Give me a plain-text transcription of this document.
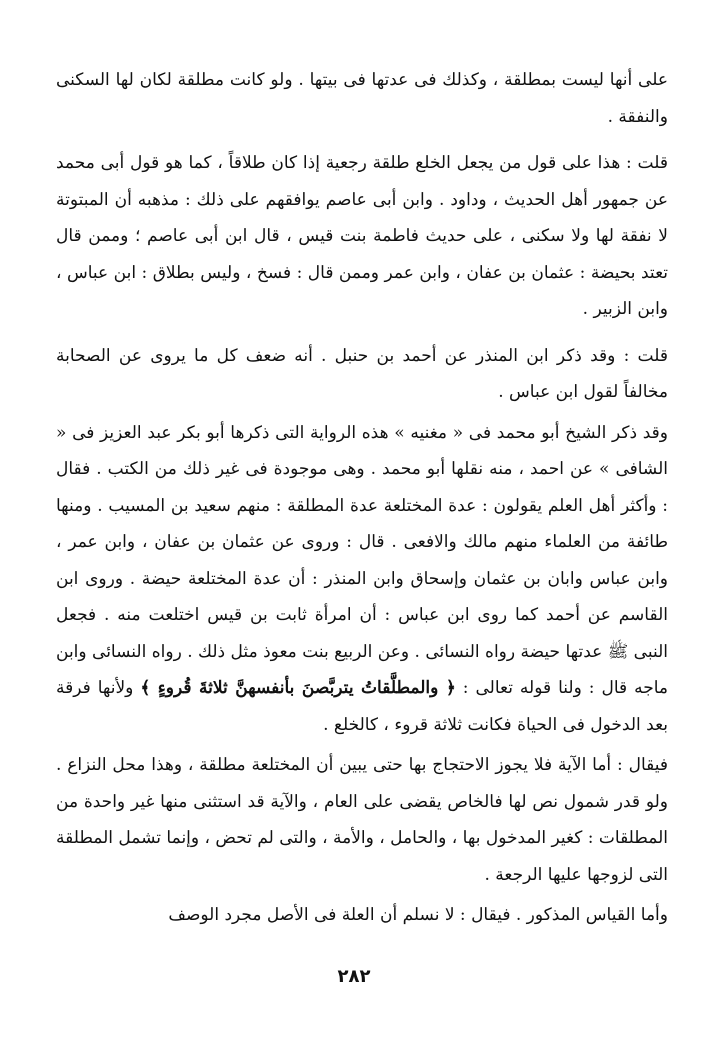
على أنها ليست بمطلقة ، وكذلك فى عدتها فى بيتها . ولو كانت مطلقة لكان لها السكنى والنفقة .

قلت : هذا على قول من يجعل الخلع طلقة رجعية إذا كان طلاقاً ، كما هو قول أبى محمد عن جمهور أهل الحديث ، وداود . وابن أبى عاصم يوافقهم على ذلك : مذهبه أن المبتوتة لا نفقة لها ولا سكنى ، على حديث فاطمة بنت قيس ، قال ابن أبى عاصم ؛ وممن قال تعتد بحيضة : عثمان بن عفان ، وابن عمر وممن قال : فسخ ، وليس بطلاق : ابن عباس ، وابن الزبير .

قلت : وقد ذكر ابن المنذر عن أحمد بن حنبل . أنه ضعف كل ما يروى عن الصحابة مخالفاً لقول ابن عباس .

وقد ذكر الشيخ أبو محمد فى « مغنيه » هذه الرواية التى ذكرها أبو بكر عبد العزيز فى « الشافى » عن احمد ، منه نقلها أبو محمد . وهى موجودة فى غير ذلك من الكتب . فقال : وأكثر أهل العلم يقولون : عدة المختلعة عدة المطلقة : منهم سعيد بن المسيب . ومنها طائفة من العلماء منهم مالك والافعى . قال : وروى عن عثمان بن عفان ، وابن عمر ، وابن عباس وابان بن عثمان وإسحاق وابن المنذر : أن عدة المختلعة حيضة . وروى ابن القاسم عن أحمد كما روى ابن عباس : أن امرأة ثابت بن قيس اختلعت منه . فجعل النبى ﷺ عدتها حيضة رواه النسائى . وعن الربيع بنت معوذ مثل ذلك . رواه النسائى وابن ماجه قال : ولنا قوله تعالى : ﴿ والمطلَّقاتُ يتربَّصنَ بأنفسهنَّ ثلاثةَ قُروءٍ ﴾ ولأنها فرقة بعد الدخول فى الحياة فكانت ثلاثة قروء ، كالخلع .

فيقال : أما الآية فلا يجوز الاحتجاج بها حتى يبين أن المختلعة مطلقة ، وهذا محل النزاع . ولو قدر شمول نص لها فالخاص يقضى على العام ، والآية قد استثنى منها غير واحدة من المطلقات : كغير المدخول بها ، والحامل ، والأمة ، والتى لم تحض ، وإنما تشمل المطلقة التى لزوجها عليها الرجعة .

وأما القياس المذكور . فيقال : لا نسلم أن العلة فى الأصل مجرد الوصف

٢٨٢
